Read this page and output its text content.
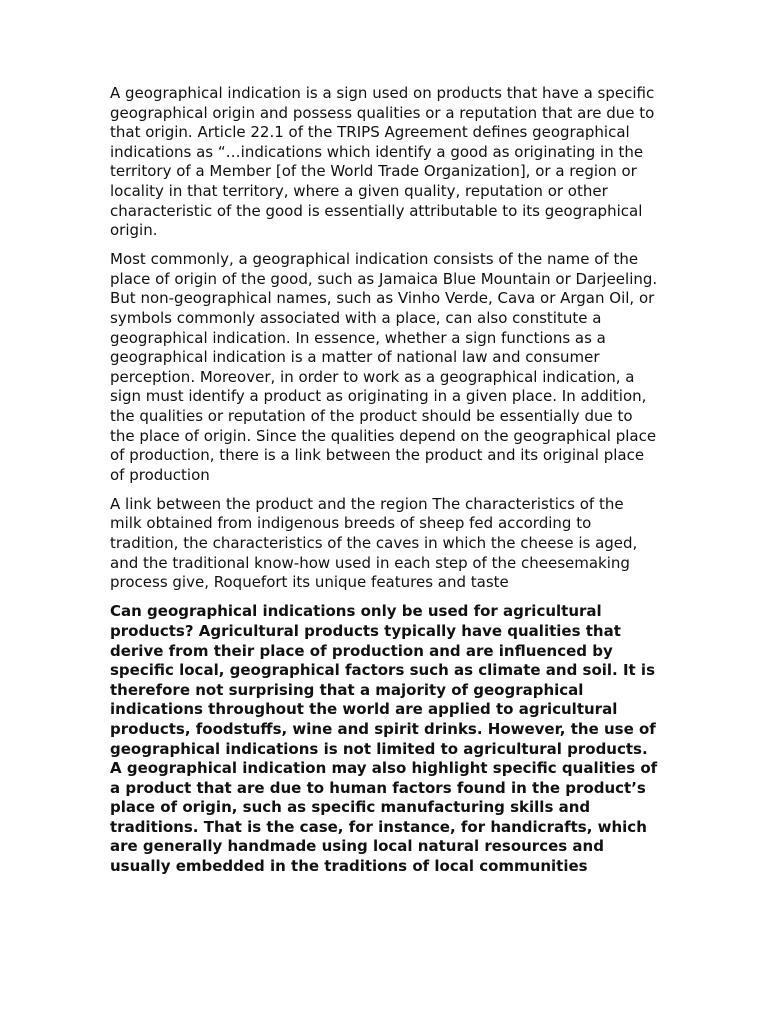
A geographical indication is a sign used on products that have a specific geographical origin and possess qualities or a reputation that are due to that origin. Article 22.1 of the TRIPS Agreement defines geographical indications as “…indications which identify a good as originating in the territory of a Member [of the World Trade Organization], or a region or locality in that territory, where a given quality, reputation or other characteristic of the good is essentially attributable to its geographical origin.

Most commonly, a geographical indication consists of the name of the place of origin of the good, such as Jamaica Blue Mountain or Darjeeling. But non-geographical names, such as Vinho Verde, Cava or Argan Oil, or symbols commonly associated with a place, can also constitute a geographical indication. In essence, whether a sign functions as a geographical indication is a matter of national law and consumer perception. Moreover, in order to work as a geographical indication, a sign must identify a product as originating in a given place. In addition, the qualities or reputation of the product should be essentially due to the place of origin. Since the qualities depend on the geographical place of production, there is a link between the product and its original place of production

A link between the product and the region The characteristics of the milk obtained from indigenous breeds of sheep fed according to tradition, the characteristics of the caves in which the cheese is aged, and the traditional know-how used in each step of the cheesemaking process give, Roquefort its unique features and taste

Can geographical indications only be used for agricultural products? Agricultural products typically have qualities that derive from their place of production and are influenced by specific local, geographical factors such as climate and soil. It is therefore not surprising that a majority of geographical indications throughout the world are applied to agricultural products, foodstuffs, wine and spirit drinks. However, the use of geographical indications is not limited to agricultural products. A geographical indication may also highlight specific qualities of a product that are due to human factors found in the product’s place of origin, such as specific manufacturing skills and traditions. That is the case, for instance, for handicrafts, which are generally handmade using local natural resources and usually embedded in the traditions of local communities
